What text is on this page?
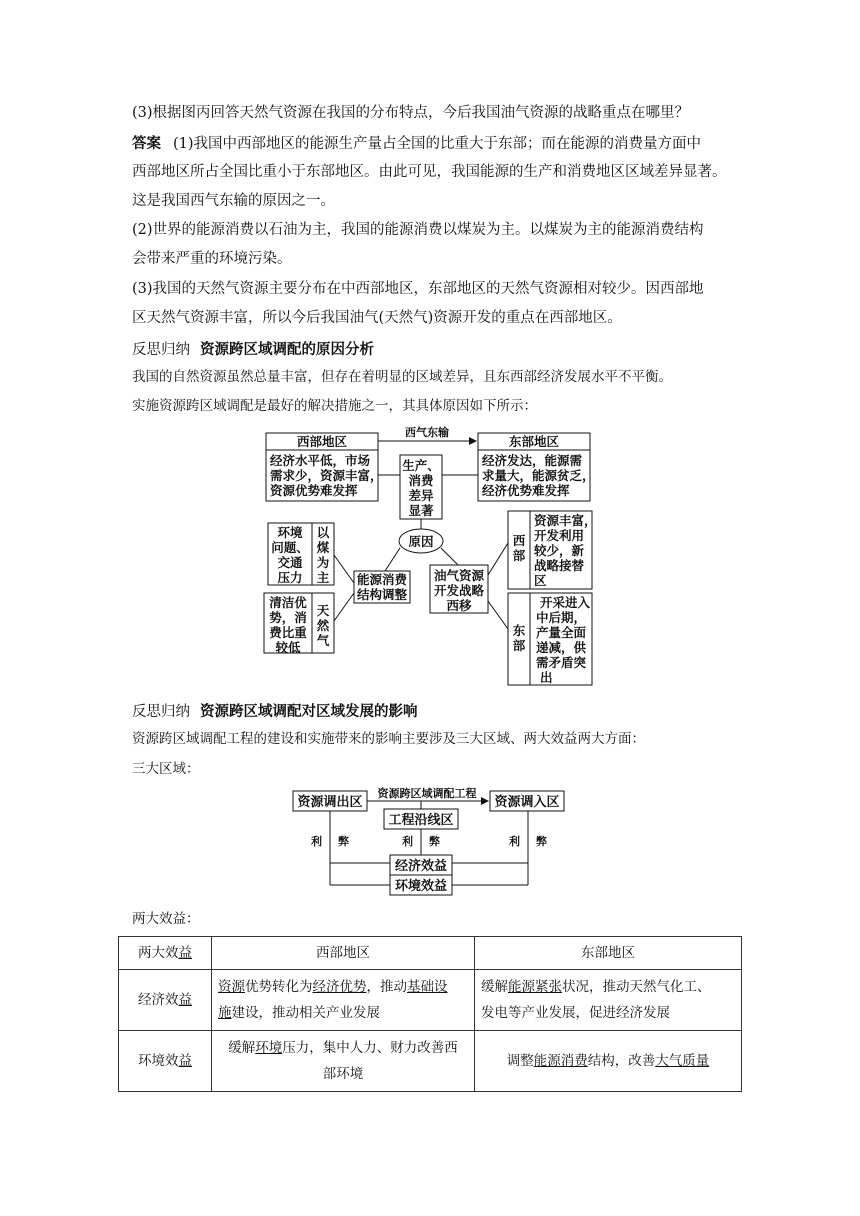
(3)根据图丙回答天然气资源在我国的分布特点，今后我国油气资源的战略重点在哪里？

答案 (1)我国中西部地区的能源生产量占全国的比重大于东部；而在能源的消费量方面中

西部地区所占全国比重小于东部地区。由此可见，我国能源的生产和消费地区区域差异显著。

这是我国西气东输的原因之一。

(2)世界的能源消费以石油为主，我国的能源消费以煤炭为主。以煤炭为主的能源消费结构

会带来严重的环境污染。

(3)我国的天然气资源主要分布在中西部地区，东部地区的天然气资源相对较少。因西部地

区天然气资源丰富，所以今后我国油气(天然气)资源开发的重点在西部地区。

反思归纳 资源跨区域调配的原因分析

我国的自然资源虽然总量丰富，但存在着明显的区域差异，且东西部经济发展水平不平衡。

实施资源跨区域调配是最好的解决措施之一，其具体原因如下所示：

西部地区
经济水平低，市场
需求少，资源丰富，
资源优势难发挥
西气东输
东部地区
经济发达，能源需
求量大，能源贫乏，
经济优势难发挥
生产、
消费
差异
显著
原因
环境
问题、
交通
压力
以
煤
为
主
清洁优
势，消
费比重
较低
天
然
气
能源消费
结构调整
油气资源
开发战略
西移
西
部
资源丰富，
开发利用
较少，新
战略接替
区
东
部
开采进入
中后期，
产量全面
递减，供
需矛盾突
出

反思归纳 资源跨区域调配对区域发展的影响

资源跨区域调配工程的建设和实施带来的影响主要涉及三大区域、两大效益两大方面：

三大区域：

资源调出区	资源调入区
资源跨区域调配工程
工程沿线区
利 弊	利 弊	利 弊
经济效益
环境效益

两大效益：

两大效益	西部地区	东部地区
经济效益	资源优势转化为经济优势，推动基础设
施建设，推动相关产业发展	缓解能源紧张状况，推动天然气化工、
发电等产业发展，促进经济发展
环境效益	缓解环境压力，集中人力、财力改善西
部环境	调整能源消费结构，改善大气质量
